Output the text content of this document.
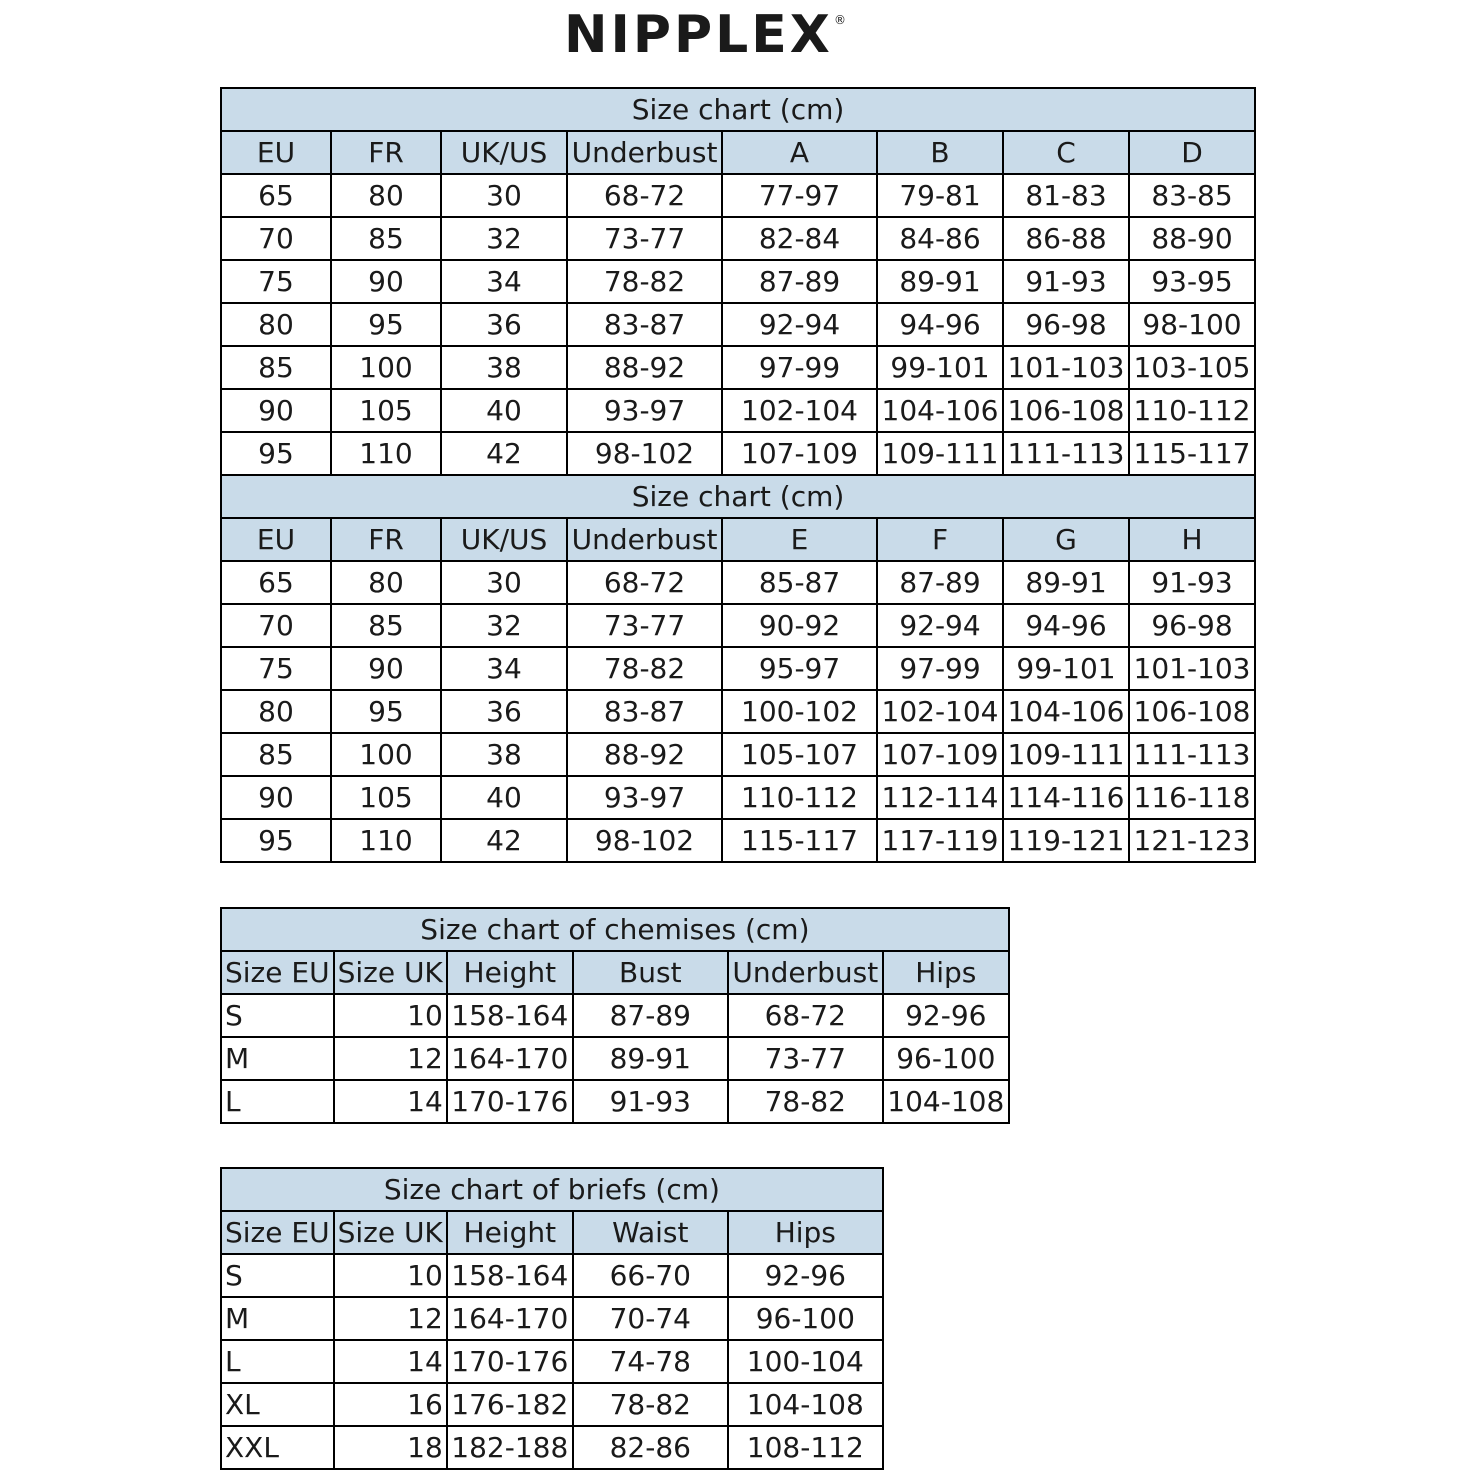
NIPPLEX ®
Size chart (cm)							
EU	FR	UK/US	Underbust	A	B	C	D
65	80	30	68-72	77-97	79-81	81-83	83-85
70	85	32	73-77	82-84	84-86	86-88	88-90
75	90	34	78-82	87-89	89-91	91-93	93-95
80	95	36	83-87	92-94	94-96	96-98	98-100
85	100	38	88-92	97-99	99-101	101-103	103-105
90	105	40	93-97	102-104	104-106	106-108	110-112
95	110	42	98-102	107-109	109-111	111-113	115-117
Size chart (cm)							
EU	FR	UK/US	Underbust	E	F	G	H
65	80	30	68-72	85-87	87-89	89-91	91-93
70	85	32	73-77	90-92	92-94	94-96	96-98
75	90	34	78-82	95-97	97-99	99-101	101-103
80	95	36	83-87	100-102	102-104	104-106	106-108
85	100	38	88-92	105-107	107-109	109-111	111-113
90	105	40	93-97	110-112	112-114	114-116	116-118
95	110	42	98-102	115-117	117-119	119-121	121-123
Size chart of chemises (cm)					
Size EU	Size UK	Height	Bust	Underbust	Hips
S	10	158-164	87-89	68-72	92-96
M	12	164-170	89-91	73-77	96-100
L	14	170-176	91-93	78-82	104-108
Size chart of briefs (cm)				
Size EU	Size UK	Height	Waist	Hips
S	10	158-164	66-70	92-96
M	12	164-170	70-74	96-100
L	14	170-176	74-78	100-104
XL	16	176-182	78-82	104-108
XXL	18	182-188	82-86	108-112
